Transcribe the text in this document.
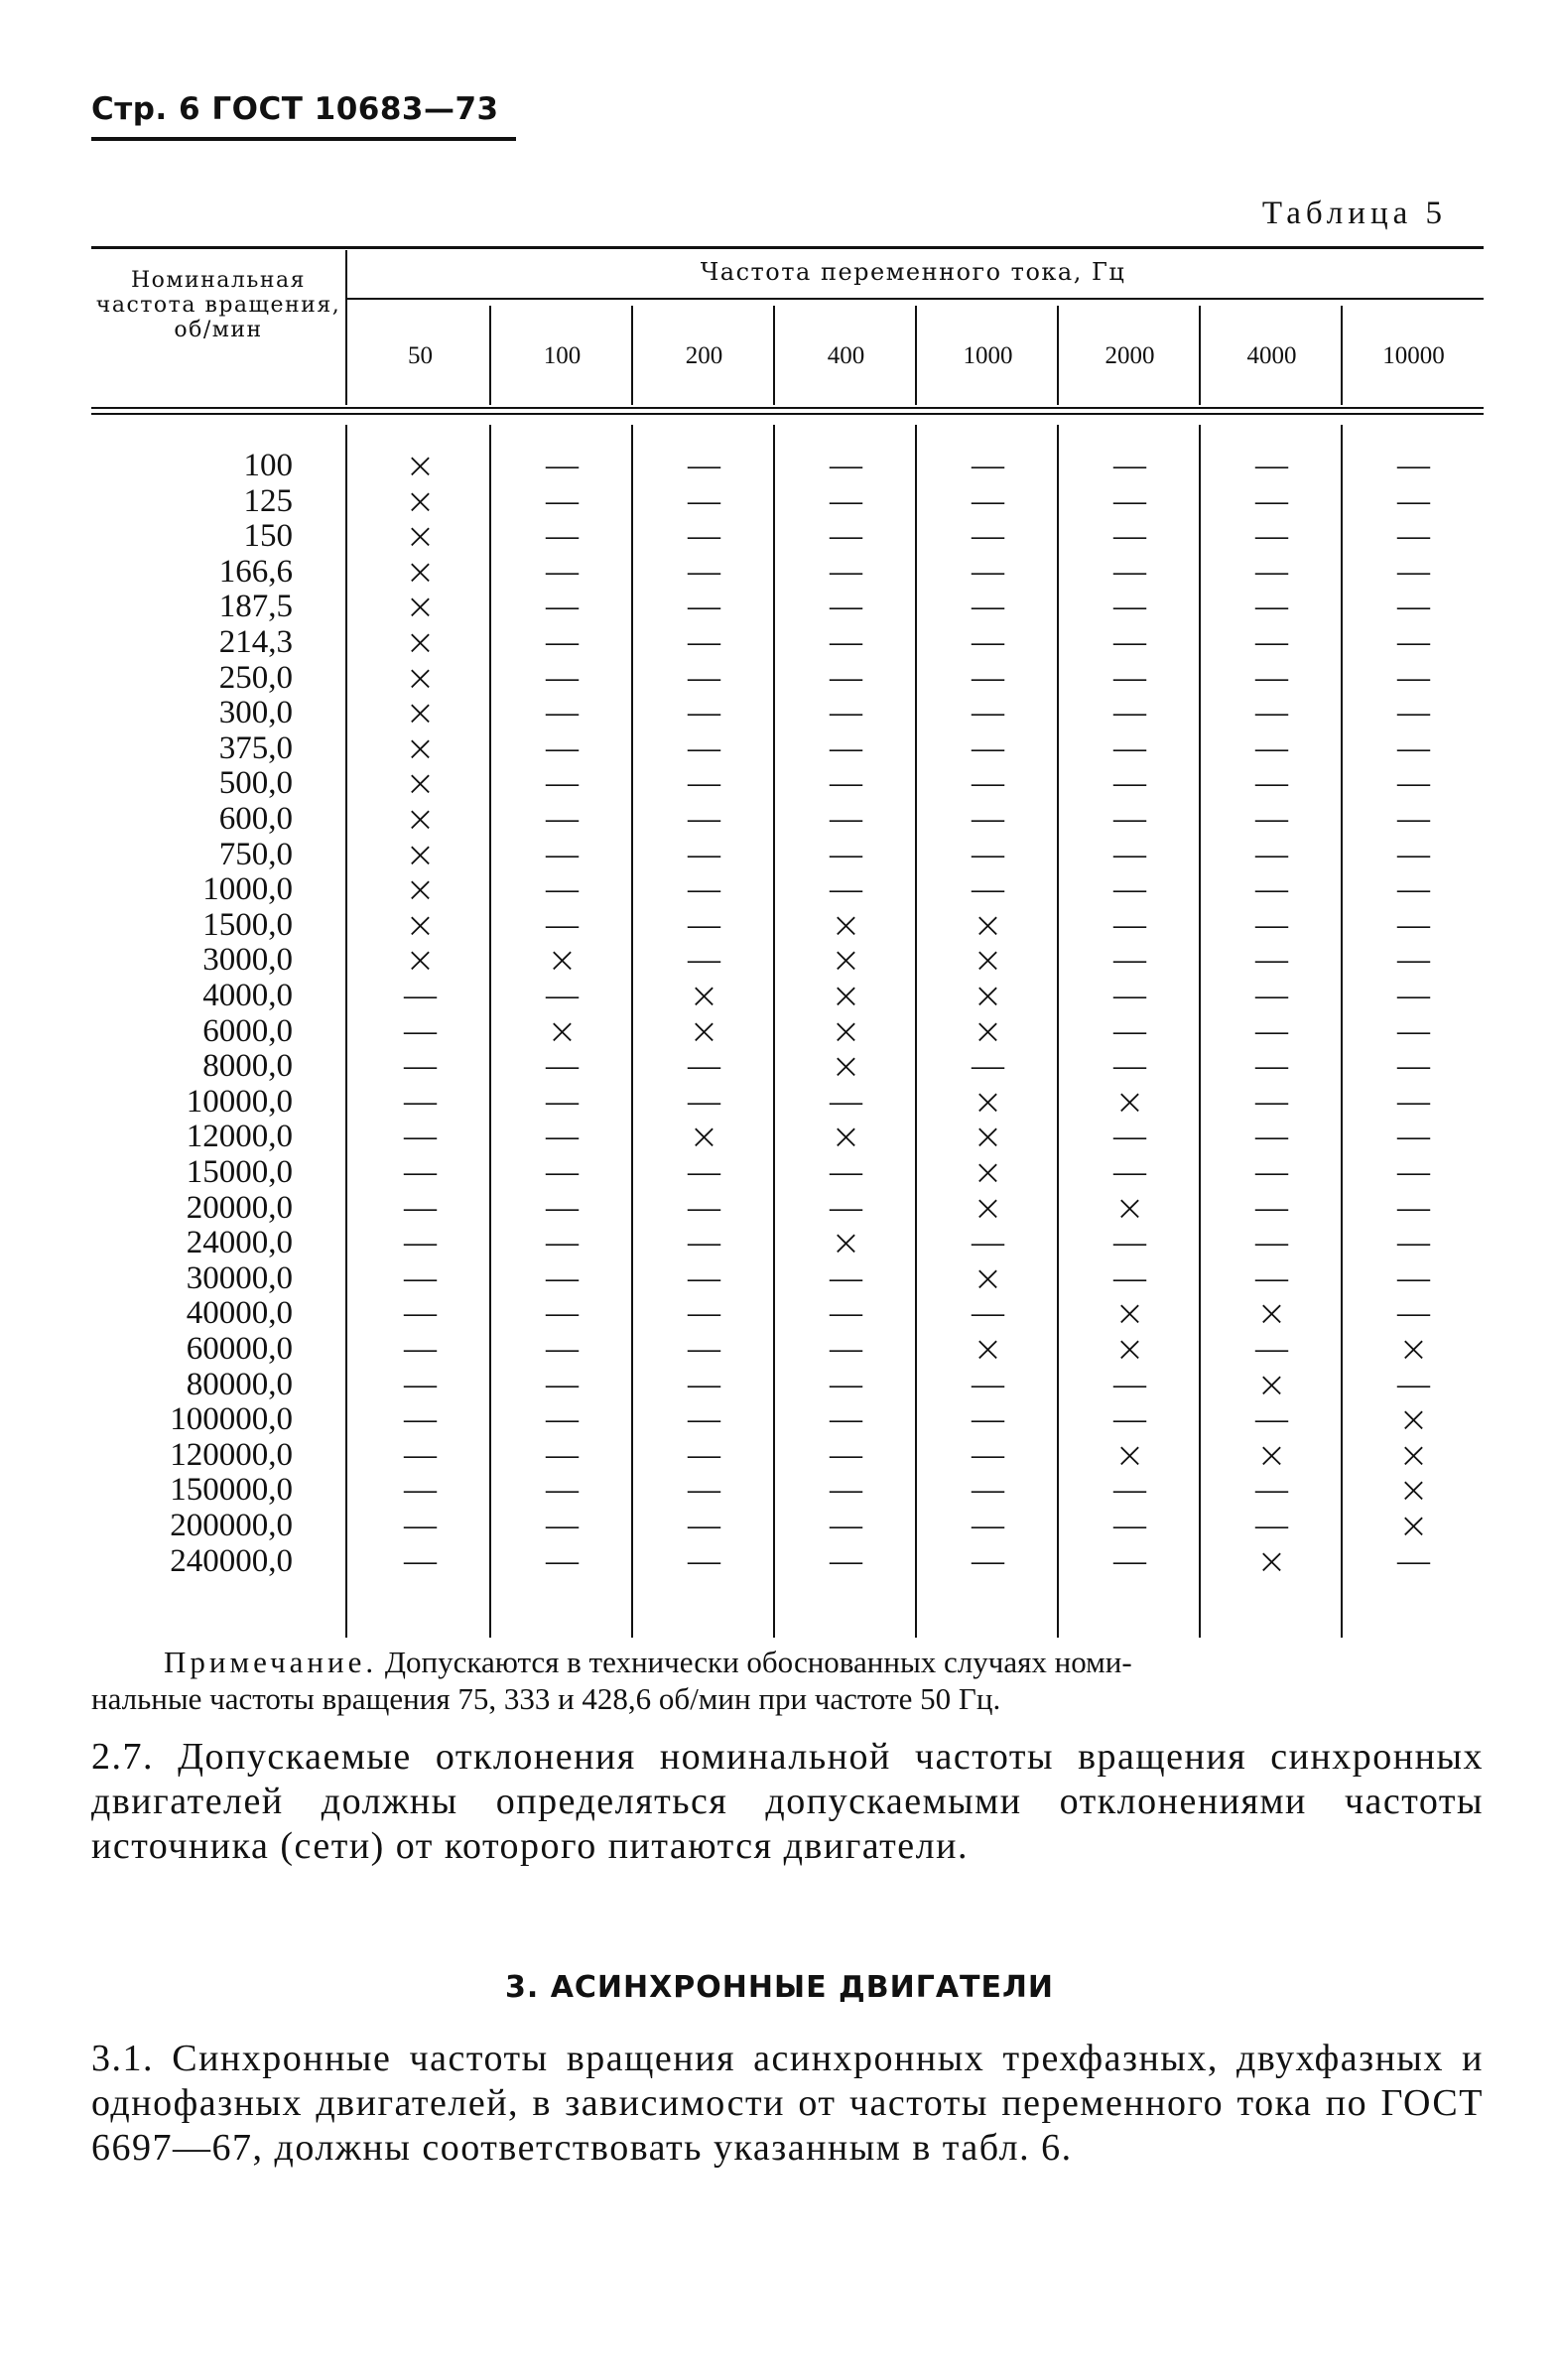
Стр. 6 ГОСТ 10683—73
Таблица 5
Номинальная частота вращения, об/мин
Частота переменного тока, Гц
50	100	200	400	1000	2000	4000	10000
100	×	—	—	—	—	—	—	—
125	×	—	—	—	—	—	—	—
150	×	—	—	—	—	—	—	—
166,6	×	—	—	—	—	—	—	—
187,5	×	—	—	—	—	—	—	—
214,3	×	—	—	—	—	—	—	—
250,0	×	—	—	—	—	—	—	—
300,0	×	—	—	—	—	—	—	—
375,0	×	—	—	—	—	—	—	—
500,0	×	—	—	—	—	—	—	—
600,0	×	—	—	—	—	—	—	—
750,0	×	—	—	—	—	—	—	—
1000,0	×	—	—	—	—	—	—	—
1500,0	×	—	—	×	×	—	—	—
3000,0	×	×	—	×	×	—	—	—
4000,0	—	—	×	×	×	—	—	—
6000,0	—	×	×	×	×	—	—	—
8000,0	—	—	—	×	—	—	—	—
10000,0	—	—	—	—	×	×	—	—
12000,0	—	—	×	×	×	—	—	—
15000,0	—	—	—	—	×	—	—	—
20000,0	—	—	—	—	×	×	—	—
24000,0	—	—	—	×	—	—	—	—
30000,0	—	—	—	—	×	—	—	—
40000,0	—	—	—	—	—	×	×	—
60000,0	—	—	—	—	×	×	—	×
80000,0	—	—	—	—	—	—	×	—
100000,0	—	—	—	—	—	—	—	×
120000,0	—	—	—	—	—	×	×	×
150000,0	—	—	—	—	—	—	—	×
200000,0	—	—	—	—	—	—	—	×
240000,0	—	—	—	—	—	—	×	—
Примечание. Допускаются в технически обоснованных случаях номи-
нальные частоты вращения 75, 333 и 428,6 об/мин при частоте 50 Гц.
2.7. Допускаемые отклонения номинальной частоты вращения синхронных двигателей должны определяться допускаемыми отклонениями частоты источника (сети) от которого питаются двигатели.
3. АСИНХРОННЫЕ ДВИГАТЕЛИ
3.1. Синхронные частоты вращения асинхронных трехфазных, двухфазных и однофазных двигателей, в зависимости от частоты переменного тока по ГОСТ 6697—67, должны соответствовать указанным в табл. 6.
